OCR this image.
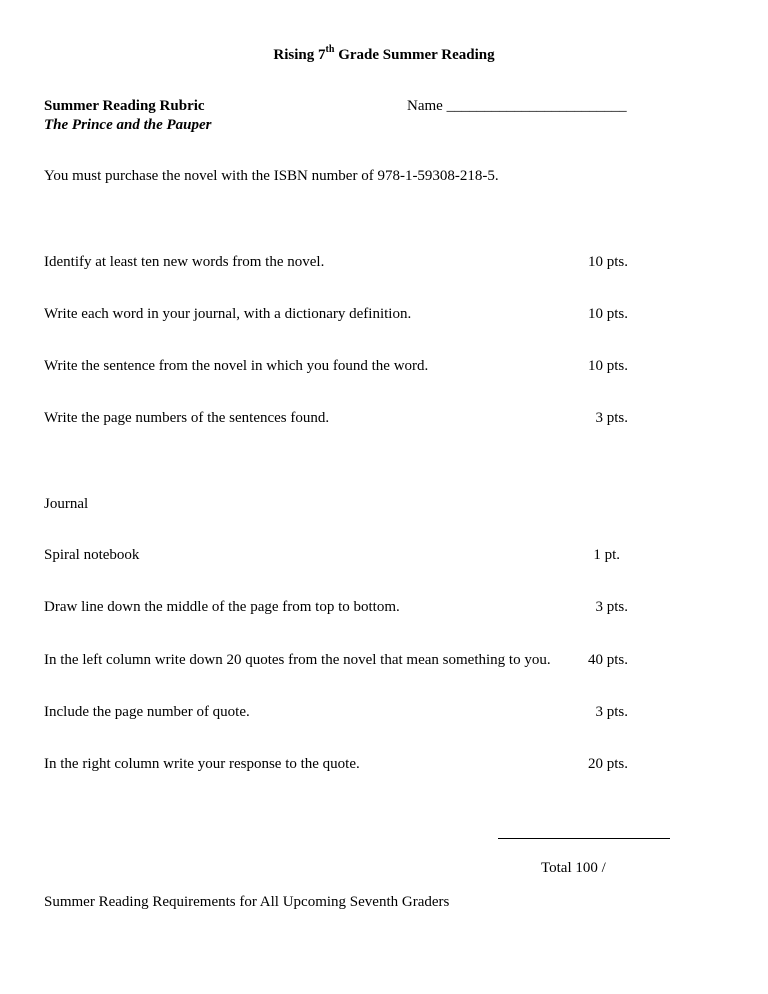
Rising 7th Grade Summer Reading
Summer Reading Rubric
The Prince and the Pauper
Name ________________________
You must purchase the novel with the ISBN number of 978-1-59308-218-5.
Identify at least ten new words from the novel.	10 pts.
Write each word in your journal, with a dictionary definition.	10 pts.
Write the sentence from the novel in which you found the word.	10 pts.
Write the page numbers of the sentences found.	3 pts.
Journal
Spiral notebook	1 pt.
Draw line down the middle of the page from top to bottom.	3 pts.
In the left column write down 20 quotes from the novel that mean something to you.	40 pts.
Include the page number of quote.	3 pts.
In the right column write your response to the quote.	20 pts.
Total 100 /
Summer Reading Requirements for All Upcoming Seventh Graders
